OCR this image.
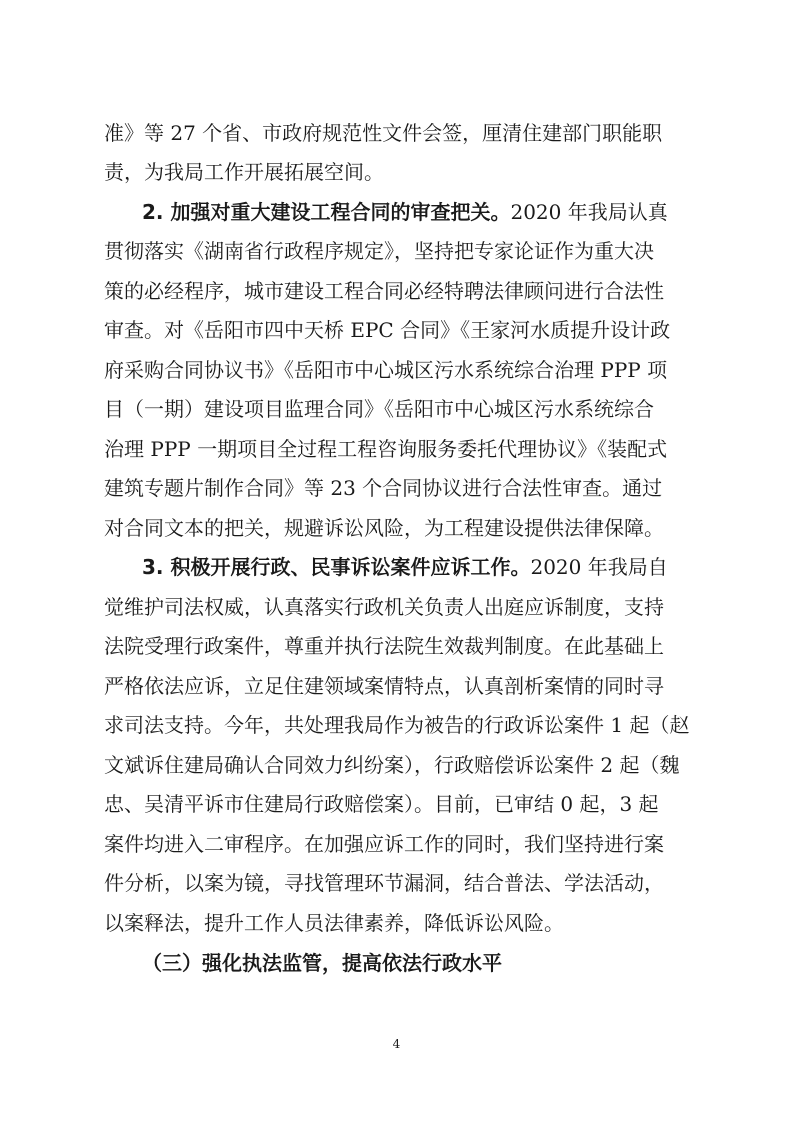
准》等 27 个省、市政府规范性文件会签，厘清住建部门职能职

责，为我局工作开展拓展空间。

2. 加强对重大建设工程合同的审查把关。2020 年我局认真

贯彻落实《湖南省行政程序规定》，坚持把专家论证作为重大决

策的必经程序，城市建设工程合同必经特聘法律顾问进行合法性

审查。对《岳阳市四中天桥 EPC 合同》《王家河水质提升设计政

府采购合同协议书》《岳阳市中心城区污水系统综合治理 PPP 项

目（一期）建设项目监理合同》《岳阳市中心城区污水系统综合

治理 PPP 一期项目全过程工程咨询服务委托代理协议》《装配式

建筑专题片制作合同》等 23 个合同协议进行合法性审查。通过

对合同文本的把关，规避诉讼风险，为工程建设提供法律保障。

3. 积极开展行政、民事诉讼案件应诉工作。2020 年我局自

觉维护司法权威，认真落实行政机关负责人出庭应诉制度，支持

法院受理行政案件，尊重并执行法院生效裁判制度。在此基础上

严格依法应诉，立足住建领域案情特点，认真剖析案情的同时寻

求司法支持。今年，共处理我局作为被告的行政诉讼案件 1 起（赵

文斌诉住建局确认合同效力纠纷案），行政赔偿诉讼案件 2 起（魏

忠、吴清平诉市住建局行政赔偿案）。目前，已审结 0 起，3 起

案件均进入二审程序。在加强应诉工作的同时，我们坚持进行案

件分析，以案为镜，寻找管理环节漏洞，结合普法、学法活动，

以案释法，提升工作人员法律素养，降低诉讼风险。

（三）强化执法监管，提高依法行政水平

4
